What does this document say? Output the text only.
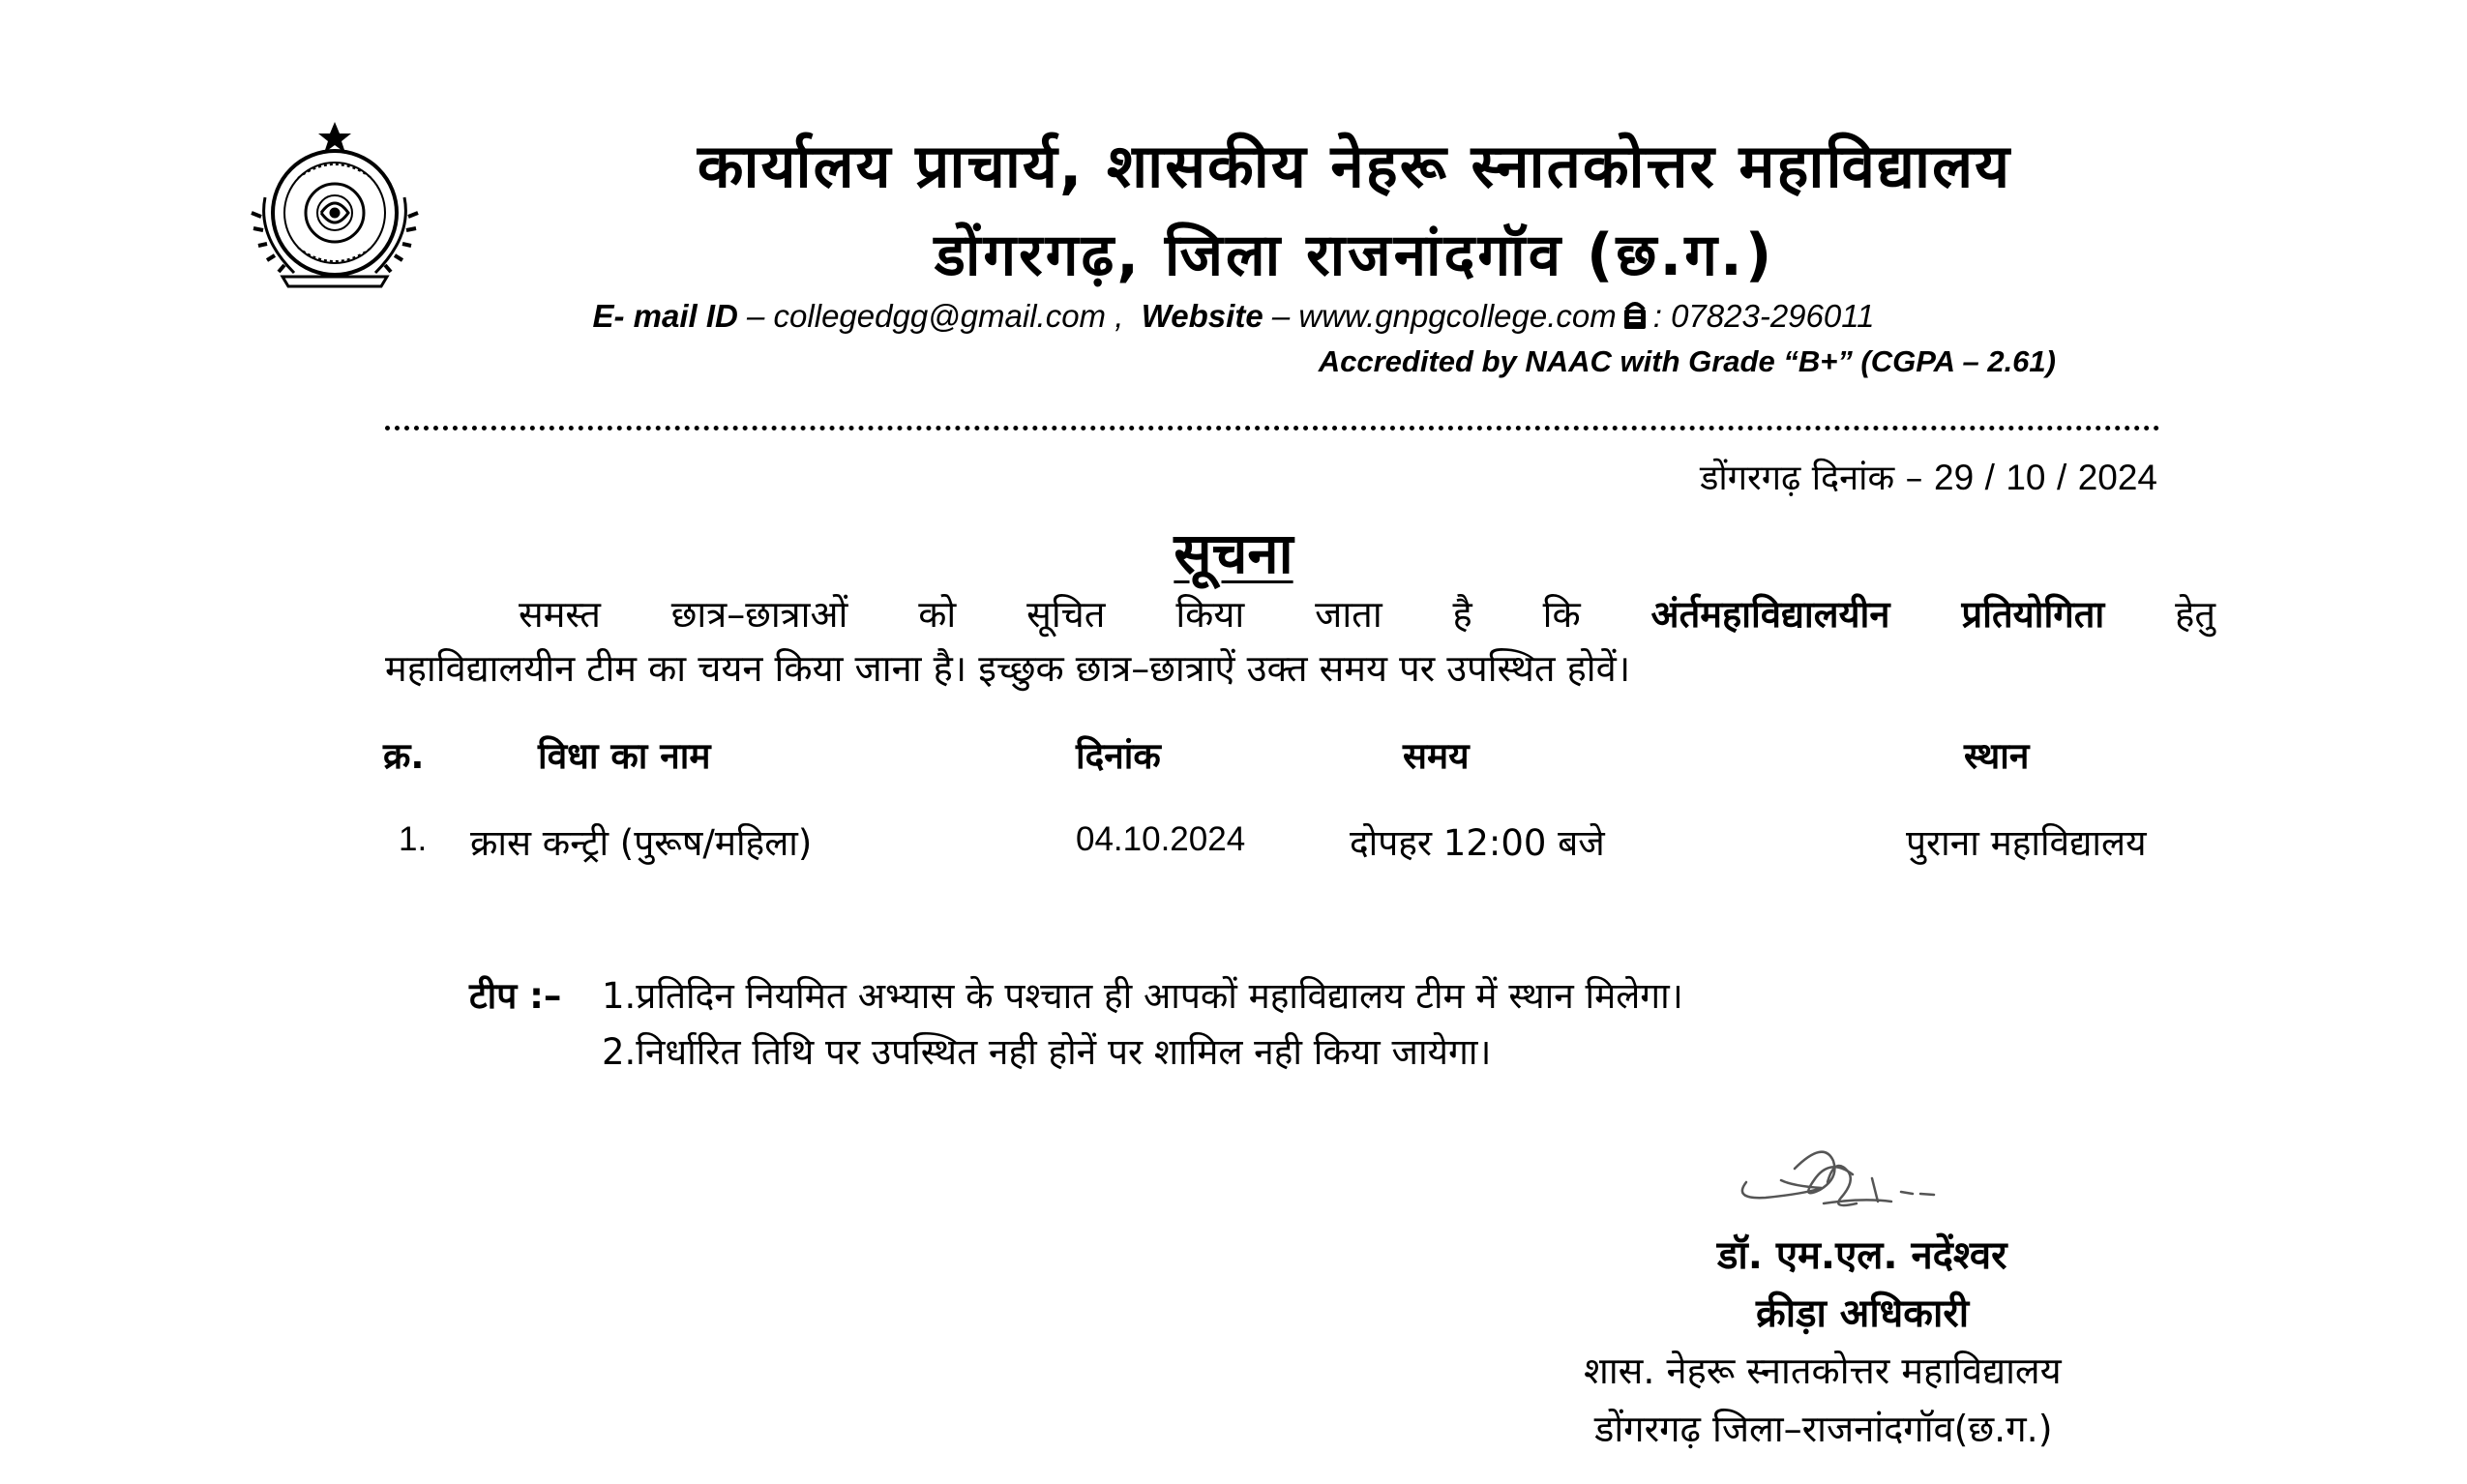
कार्यालय प्राचार्य, शासकीय नेहरू स्नातकोत्तर महाविद्यालय
डोंगरगढ़, जिला राजनांदगॉव (छ.ग.)
E- mail ID – collegedgg@gmail.com ,  Website – www.gnpgcollege.com : 07823-296011
Accredited by NAAC with Grade “B+” (CGPA – 2.61)
डोंगरगढ़ दिनांक – 29 / 10 / 2024
सूचना
समस्त छात्र–छात्राओं को सूचित किया जाता है कि अंर्तमहाविद्यालयीन प्रतियोगिता हेतु
महाविद्यालयीन टीम का चयन किया जाना है। इच्छुक छात्र–छात्राऐं उक्त समय पर उपस्थित होवें।
क्र.	विधा का नाम	दिनांक	समय	स्थान
1. क्रास कन्ट्री (पुरूष/महिला)	04.10.2024	दोपहर 12:00 बजे	पुराना महाविद्यालय
टीप :– 1.प्रतिदिन नियमित अभ्यास के पश्चात ही आपकों महाविद्यालय टीम में स्थान मिलेगा।
2.निर्धारित तिथि पर उपस्थित नही होनें पर शामिल नही किया जायेगा।
डॉ. एम.एल. नदेंश्वर
क्रीड़ा अधिकारी
शास. नेहरू स्नातकोत्तर महाविद्यालय
डोंगरगढ़ जिला–राजनांदगॉव(छ.ग.)
